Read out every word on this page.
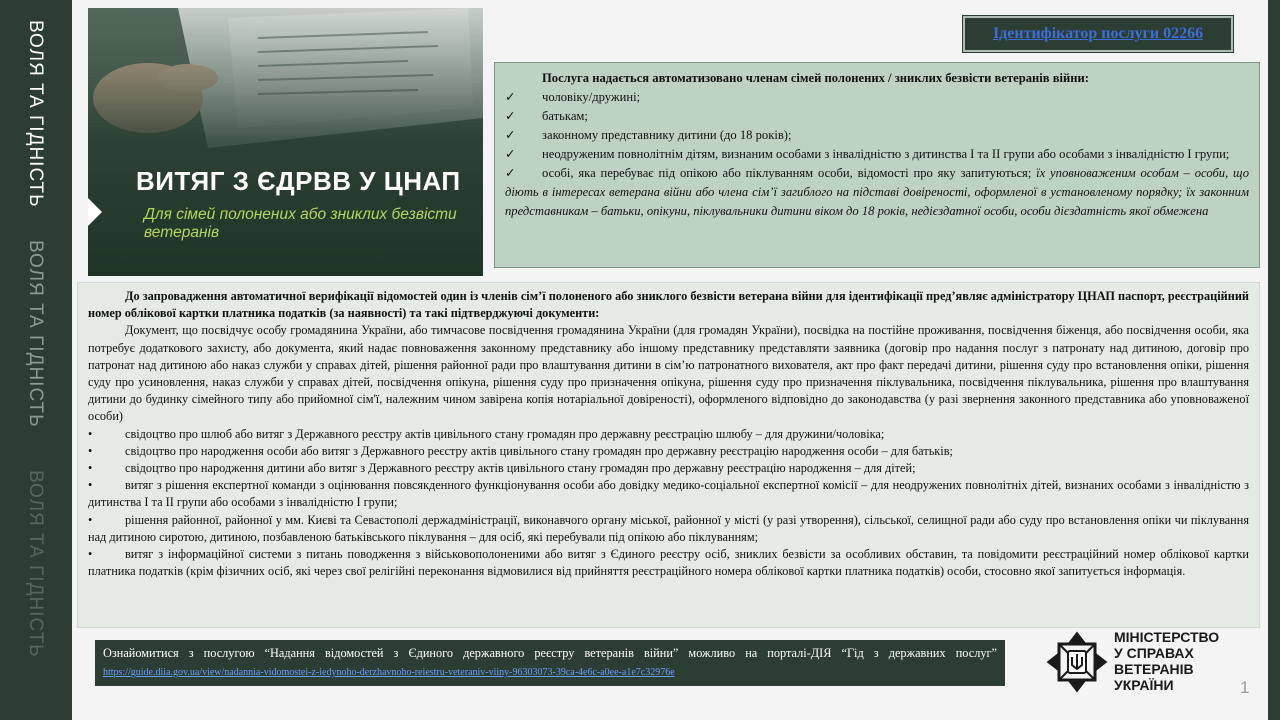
ВОЛЯ ТА ГІДНІСТЬ
ВОЛЯ ТА ГІДНІСТЬ
ВОЛЯ ТА ГІДНІСТЬ
ВИТЯГ З ЄДРВВ У ЦНАП
Для сімей полонених або зниклих безвісти ветеранів
Ідентифікатор послуги 02266

Послуга надається автоматизовано членам сімей полонених / зниклих безвісти ветеранів війни:

✓	чоловіку/дружині;
✓	батькам;
✓	законному представнику дитини (до 18 років);

✓ неодруженим повнолітнім дітям, визнаним особами з інвалідністю з дитинства І та ІІ групи або особами з інвалідністю І групи;

✓ особі, яка перебуває під опікою або піклуванням особи, відомості про яку запитуються; їх уповноваженим особам – особи, що діють в інтересах ветерана війни або члена сім’ї загиблого на підставі довіреності, оформленої в установленому порядку; їх законним представникам – батьки, опікуни, піклувальники дитини віком до 18 років, недієздатної особи, особи дієздатність якої обмежена

До запровадження автоматичної верифікації відомостей один із членів сім’ї полоненого або зниклого безвісти ветерана війни для ідентифікації пред’являє адміністратору ЦНАП паспорт, реєстраційний номер облікової картки платника податків (за наявності) та такі підтверджуючі документи:

Документ, що посвідчує особу громадянина України, або тимчасове посвідчення громадянина України (для громадян України), посвідка на постійне проживання, посвідчення біженця, або посвідчення особи, яка потребує додаткового захисту, або документа, який надає повноваження законному представнику або іншому представнику представляти заявника (договір про надання послуг з патронату над дитиною, договір про патронат над дитиною або наказ служби у справах дітей, рішення районної ради про влаштування дитини в сім’ю патронатного вихователя, акт про факт передачі дитини, рішення суду про встановлення опіки, рішення суду про усиновлення, наказ служби у справах дітей, посвідчення опікуна, рішення суду про призначення опікуна, рішення суду про призначення піклувальника, посвідчення піклувальника, рішення про влаштування дитини до будинку сімейного типу або прийомної сім'ї, належним чином завірена копія нотаріальної довіреності), оформленого відповідно до законодавства (у разі звернення законного представника або уповноваженої особи)

•	свідоцтво про шлюб або витяг з Державного реєстру актів цивільного стану громадян про державну реєстрацію шлюбу – для дружини/чоловіка;

•	свідоцтво про народження особи або витяг з Державного реєстру актів цивільного стану громадян про державну реєстрацію народження особи – для батьків;

•	свідоцтво про народження дитини або витяг з Державного реєстру актів цивільного стану громадян про державну реєстрацію народження – для дітей;

•	витяг з рішення експертної команди з оцінювання повсякденного функціонування особи або довідку медико-соціальної експертної комісії – для неодружених повнолітніх дітей, визнаних особами з інвалідністю з дитинства І та ІІ групи або особами з інвалідністю І групи;

•	рішення районної, районної у мм. Києві та Севастополі держадміністрації, виконавчого органу міської, районної у місті (у разі утворення), сільської, селищної ради або суду про встановлення опіки чи піклування над дитиною сиротою, дитиною, позбавленою батьківського піклування – для осіб, які перебували під опікою або піклуванням;

•	витяг з інформаційної системи з питань поводження з військовополоненими або витяг з Єдиного реєстру осіб, зниклих безвісти за особливих обставин, та повідомити реєстраційний номер облікової картки платника податків (крім фізичних осіб, які через свої релігійні переконання відмовилися від прийняття реєстраційного номера облікової картки платника податків) особи, стосовно якої запитується інформація.

Ознайомитися з послугою “Надання відомостей з Єдиного державного реєстру ветеранів війни” можливо на порталі-ДІЯ “Гід з державних послуг” https://guide.diia.gov.ua/view/nadannia-vidomostei-z-iedynoho-derzhavnoho-reiestru-veteraniv-viiny-96303073-39ca-4e6c-a0ee-a1e7c32976e
МІНІСТЕРСТВО
У СПРАВАХ
ВЕТЕРАНІВ
УКРАЇНИ	1
